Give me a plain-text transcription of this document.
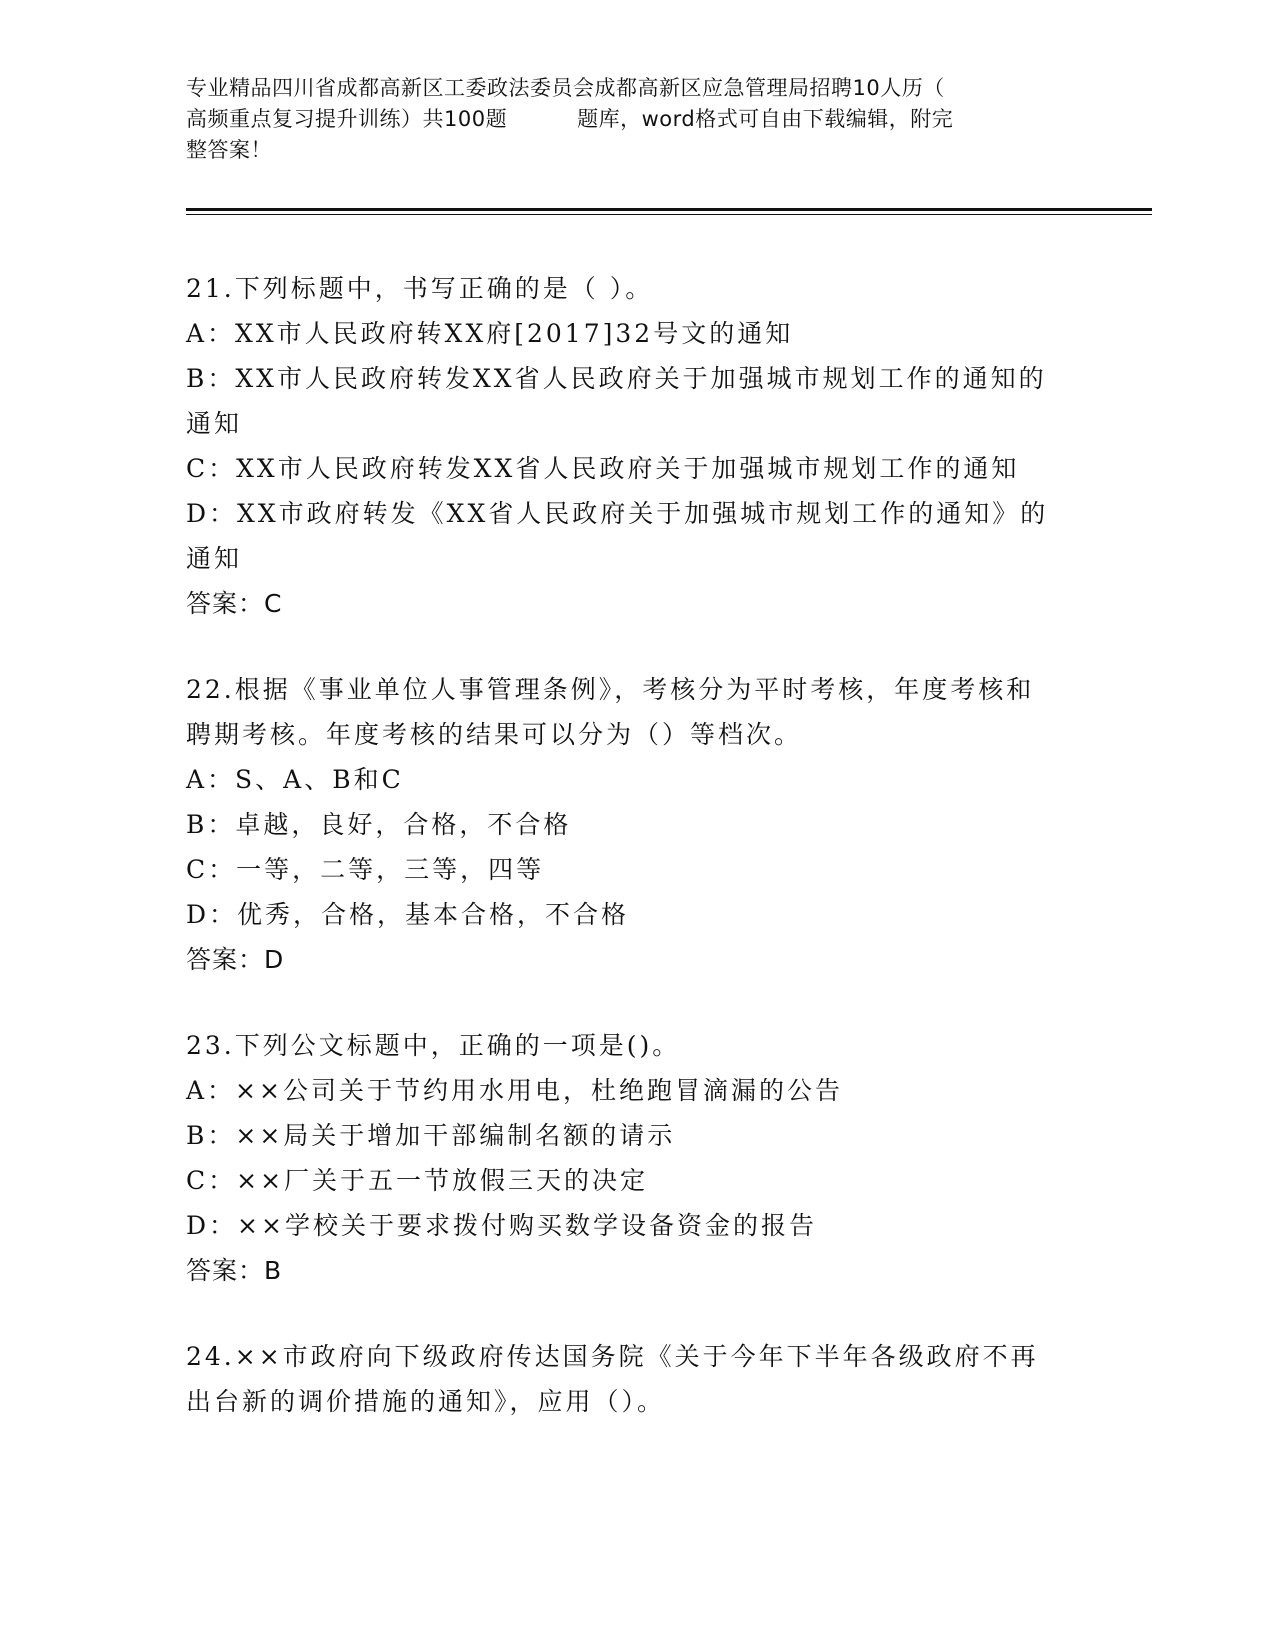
专业精品四川省成都高新区工委政法委员会成都高新区应急管理局招聘10人历（
高频重点复习提升训练）共100题	题库，word格式可自由下载编辑，附完
整答案！
21.下列标题中，书写正确的是（ ）。
A：XX市人民政府转XX府[2017]32号文的通知
B：XX市人民政府转发XX省人民政府关于加强城市规划工作的通知的
通知
C：XX市人民政府转发XX省人民政府关于加强城市规划工作的通知
D：XX市政府转发《XX省人民政府关于加强城市规划工作的通知》的
通知
答案：C
22.根据《事业单位人事管理条例》，考核分为平时考核，年度考核和
聘期考核。年度考核的结果可以分为（）等档次。
A：S、A、B和C
B：卓越，良好，合格，不合格
C：一等，二等，三等，四等
D：优秀，合格，基本合格，不合格
答案：D
23.下列公文标题中，正确的一项是()。
A：××公司关于节约用水用电，杜绝跑冒滴漏的公告
B：××局关于增加干部编制名额的请示
C：××厂关于五一节放假三天的决定
D：××学校关于要求拨付购买数学设备资金的报告
答案：B
24.××市政府向下级政府传达国务院《关于今年下半年各级政府不再
出台新的调价措施的通知》，应用（）。
